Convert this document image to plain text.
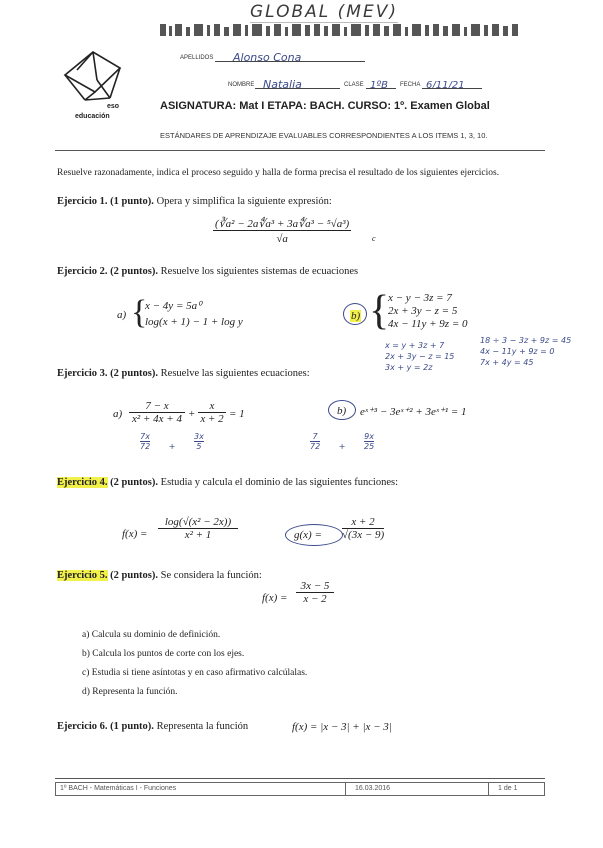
GLOBAL (MEV)
eso
educación
APELLIDOS	Alonso Cona
NOMBRE Natalia	CLASE 1ºB	FECHA 6/11/21
ASIGNATURA: Mat I ETAPA: BACH. CURSO: 1º. Examen Global
ESTÁNDARES DE APRENDIZAJE EVALUABLES CORRESPONDIENTES A LOS ITEMS 1, 3, 10.
Resuelve razonadamente, indica el proceso seguido y halla de forma precisa el resultado de los siguientes ejercicios.
Ejercicio 1. (1 punto). Opera y simplifica la siguiente expresión:
$\frac{\text{(∛a² − 2a∜a³ + 3a∜a³ − ⁵√a³)}}{√a}$	c
Ejercicio 2. (2 puntos). Resuelve los siguientes sistemas de ecuaciones
a) {
x − 4y = 5a⁰
log(x + 1) − 1 + log y	b) {
x − y − 3z = 7
2x + 3y − z = 5
4x − 11y + 9z = 0
x = y + 3z + 7
2x + 3y − z = 15
3x + y = 2z
18 ÷ 3 − 3z + 9z = 45
4x − 11y + 9z = 0
7x + 4y = 45
Ejercicio 3. (2 puntos). Resuelve las siguientes ecuaciones:
a)
7 − x
x² + 4x + 4 +
x
x + 2 = 1	b) eˣ⁺³ − 3eˣ⁺² + 3eˣ⁺¹ = 1
$\frac{7x}{72} + \frac{3x}{5}$	$\frac{7}{72} + \frac{9x}{25}$
Ejercicio 4. (2 puntos). Estudia y calcula el dominio de las siguientes funciones:
f(x) =
log(√(x² − 2x))
x² + 1	g(x) =
x + 2
√(3x − 9)
Ejercicio 5. (2 puntos). Se considera la función:
f(x) =
3x − 5
x − 2
a) Calcula su dominio de definición.
b) Calcula los puntos de corte con los ejes.
c) Estudia si tiene asíntotas y en caso afirmativo calcúlalas.
d) Representa la función.
Ejercicio 6. (1 punto). Representa la función	f(x) = |x − 3| + |x − 3|
1º BACH - Matemáticas I - Funciones	16.03.2016	1 de 1
